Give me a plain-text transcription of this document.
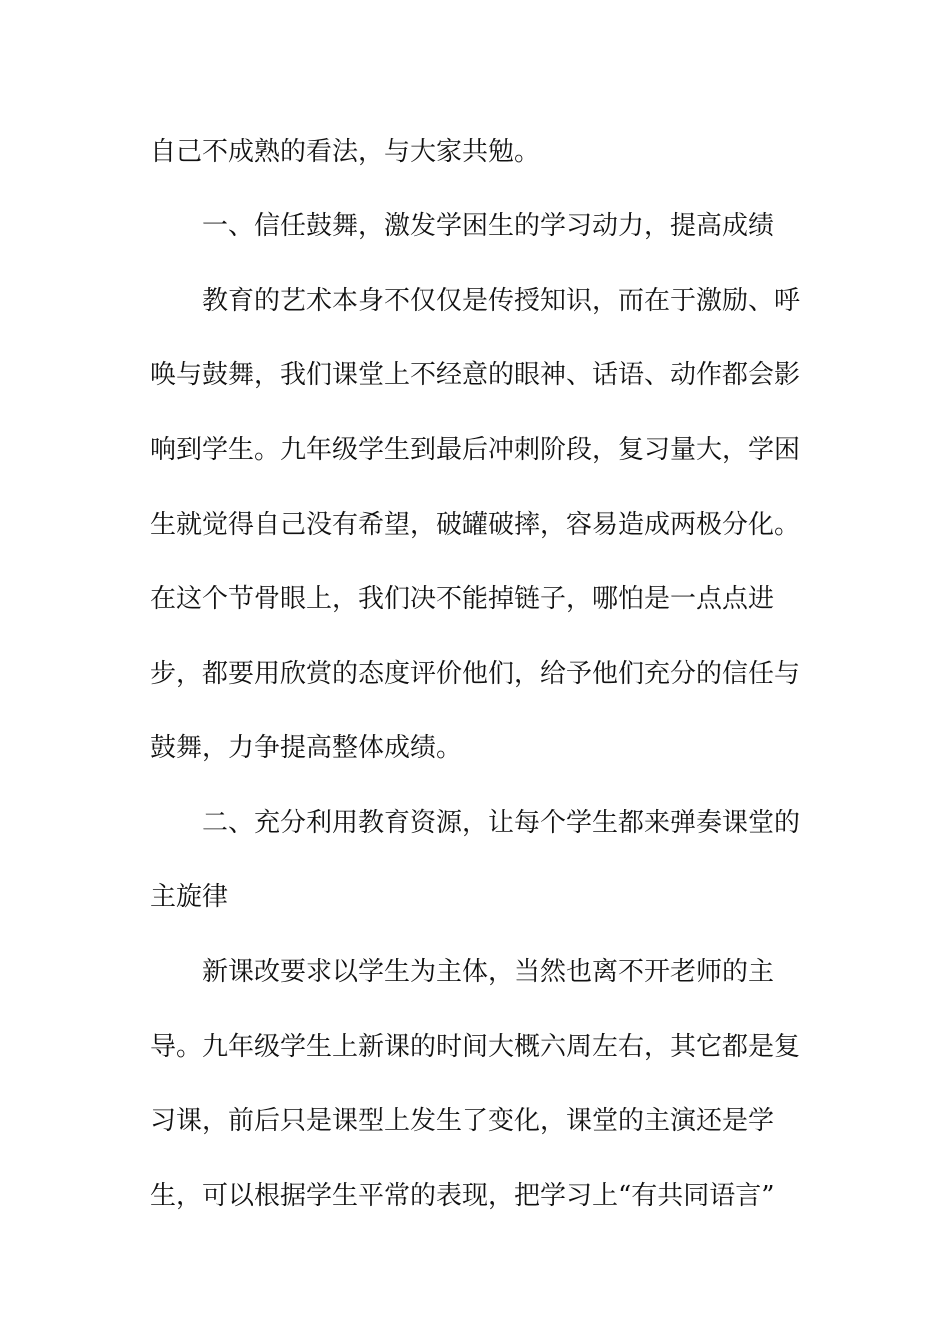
自己不成熟的看法，与大家共勉。
一、信任鼓舞，激发学困生的学习动力，提高成绩
教育的艺术本身不仅仅是传授知识，而在于激励、呼
唤与鼓舞，我们课堂上不经意的眼神、话语、动作都会影
响到学生。九年级学生到最后冲刺阶段，复习量大，学困
生就觉得自己没有希望，破罐破摔，容易造成两极分化。
在这个节骨眼上，我们决不能掉链子，哪怕是一点点进
步，都要用欣赏的态度评价他们，给予他们充分的信任与
鼓舞，力争提高整体成绩。
二、充分利用教育资源，让每个学生都来弹奏课堂的
主旋律
新课改要求以学生为主体，当然也离不开老师的主
导。九年级学生上新课的时间大概六周左右，其它都是复
习课，前后只是课型上发生了变化，课堂的主演还是学
生，可以根据学生平常的表现，把学习上“有共同语言”
